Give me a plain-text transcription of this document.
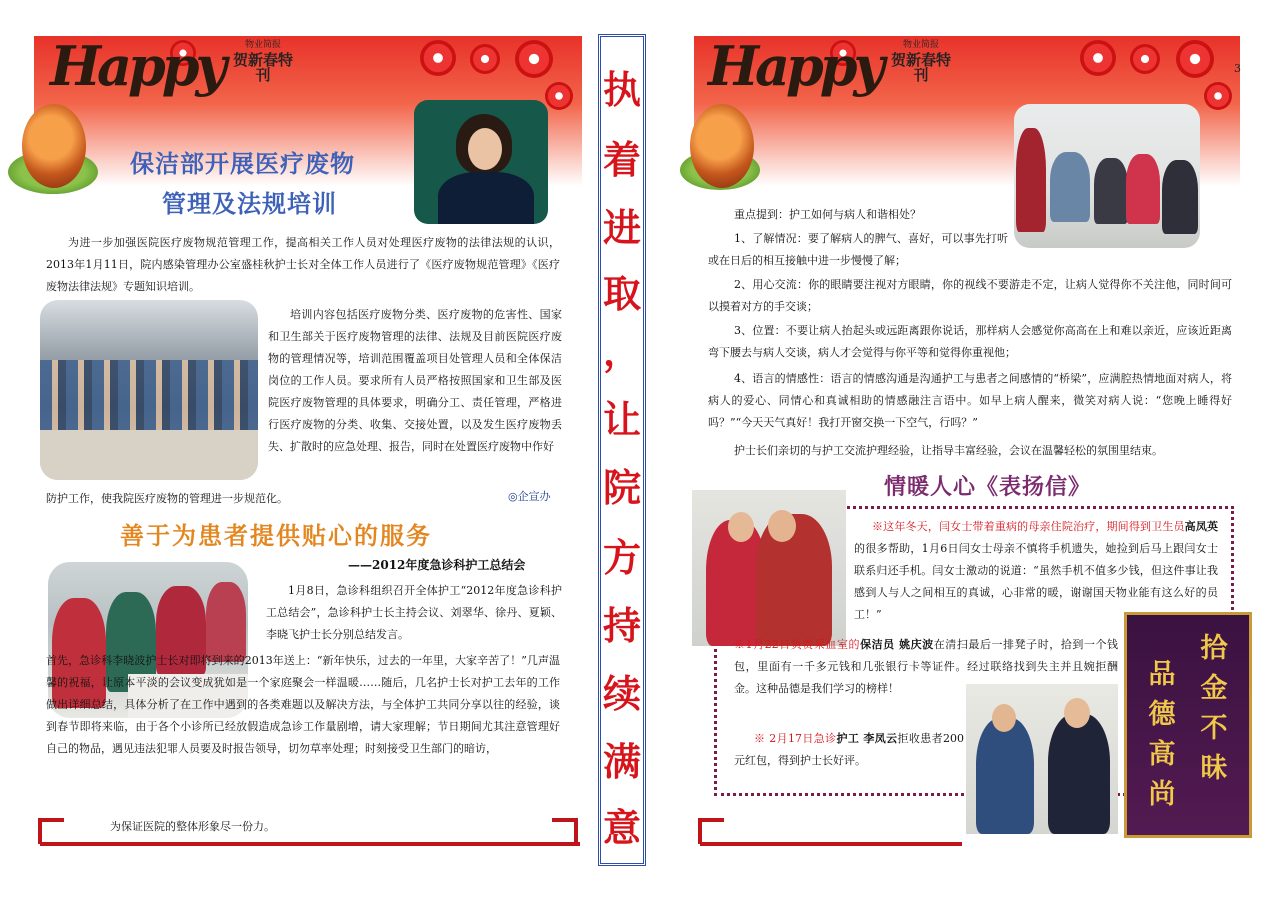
Happy	物业简报
贺新春特刊
保洁部开展医疗废物
管理及法规培训
为进一步加强医院医疗废物规范管理工作，提高相关工作人员对处理医疗废物的法律法规的认识，2013年1月11日，院内感染管理办公室盛桂秋护士长对全体工作人员进行了《医疗废物规范管理》《医疗废物法律法规》专题知识培训。
培训内容包括医疗废物分类、医疗废物的危害性、国家和卫生部关于医疗废物管理的法律、法规及目前医院医疗废物的管理情况等，培训范围覆盖项目处管理人员和全体保洁岗位的工作人员。要求所有人员严格按照国家和卫生部及医院医疗废物管理的具体要求，明确分工、责任管理，严格进行医疗废物的分类、收集、交接处置，以及发生医疗废物丢失、扩散时的应急处理、报告，同时在处置医疗废物中作好
防护工作，使我院医疗废物的管理进一步规范化。	◎企宣办
善于为患者提供贴心的服务
——2012年度急诊科护工总结会
1月8日，急诊科组织召开全体护工“2012年度急诊科护工总结会”，急诊科护士长主持会议、刘翠华、徐丹、夏颖、李晓飞护士长分别总结发言。
首先，急诊科李晓波护士长对即将到来的2013年送上：“新年快乐，过去的一年里，大家辛苦了！”几声温馨的祝福，让原本平淡的会议变成犹如是一个家庭聚会一样温暖……随后，几名护士长对护工去年的工作做出详细总结，具体分析了在工作中遇到的各类难题以及解决方法，与全体护工共同分享以往的经验，谈到春节即将来临，由于各个小诊所已经放假造成急诊工作量剧增，请大家理解；节日期间尤其注意管理好自己的物品，遇见违法犯罪人员要及时报告领导，切勿草率处理；时刻接受卫生部门的暗访，
为保证医院的整体形象尽一份力。
执
着
进
取
，
让
院
方
持
续
满
意
Happy	物业简报
贺新春特刊	3
重点提到：护工如何与病人和谐相处？
1、了解情况：要了解病人的脾气、喜好，可以事先打听或在日后的相互接触中进一步慢慢了解；
2、用心交流：你的眼睛要注视对方眼睛，你的视线不要游走不定，让病人觉得你不关注他，同时间可以摸着对方的手交谈；
3、位置：不要让病人抬起头或远距离跟你说话，那样病人会感觉你高高在上和难以亲近，应该近距离弯下腰去与病人交谈，病人才会觉得与你平等和觉得你重视他；
4、语言的情感性：语言的情感沟通是沟通护工与患者之间感情的“桥梁”，应满腔热情地面对病人，将病人的爱心、同情心和真诚相助的情感融注言语中。如早上病人醒来，微笑对病人说：“您晚上睡得好吗？”“今天天气真好！我打开窗交换一下空气，行吗？”
护士长们亲切的与护工交流护理经验，让指导丰富经验，会议在温馨轻松的氛围里结束。
情暖人心《表扬信》
※这年冬天，闫女士带着重病的母亲住院治疗，期间得到卫生员高凤英的很多帮助，1月6日闫女士母亲不慎将手机遗失，她捡到后马上跟闫女士联系归还手机。闫女士激动的说道：“虽然手机不值多少钱，但这件事让我感到人与人之间相互的真诚，心非常的暖，谢谢国天物业能有这么好的员工！”
※1月22日负责采血室的保洁员 姚庆波在清扫最后一排凳子时，拾到一个钱包，里面有一千多元钱和几张银行卡等证件。经过联络找到失主并且婉拒酬金。这种品德是我们学习的榜样！
※ 2月17日急诊护工 李凤云拒收患者200元红包，得到护士长好评。
拾
金
不
昧
品
德
高
尚
